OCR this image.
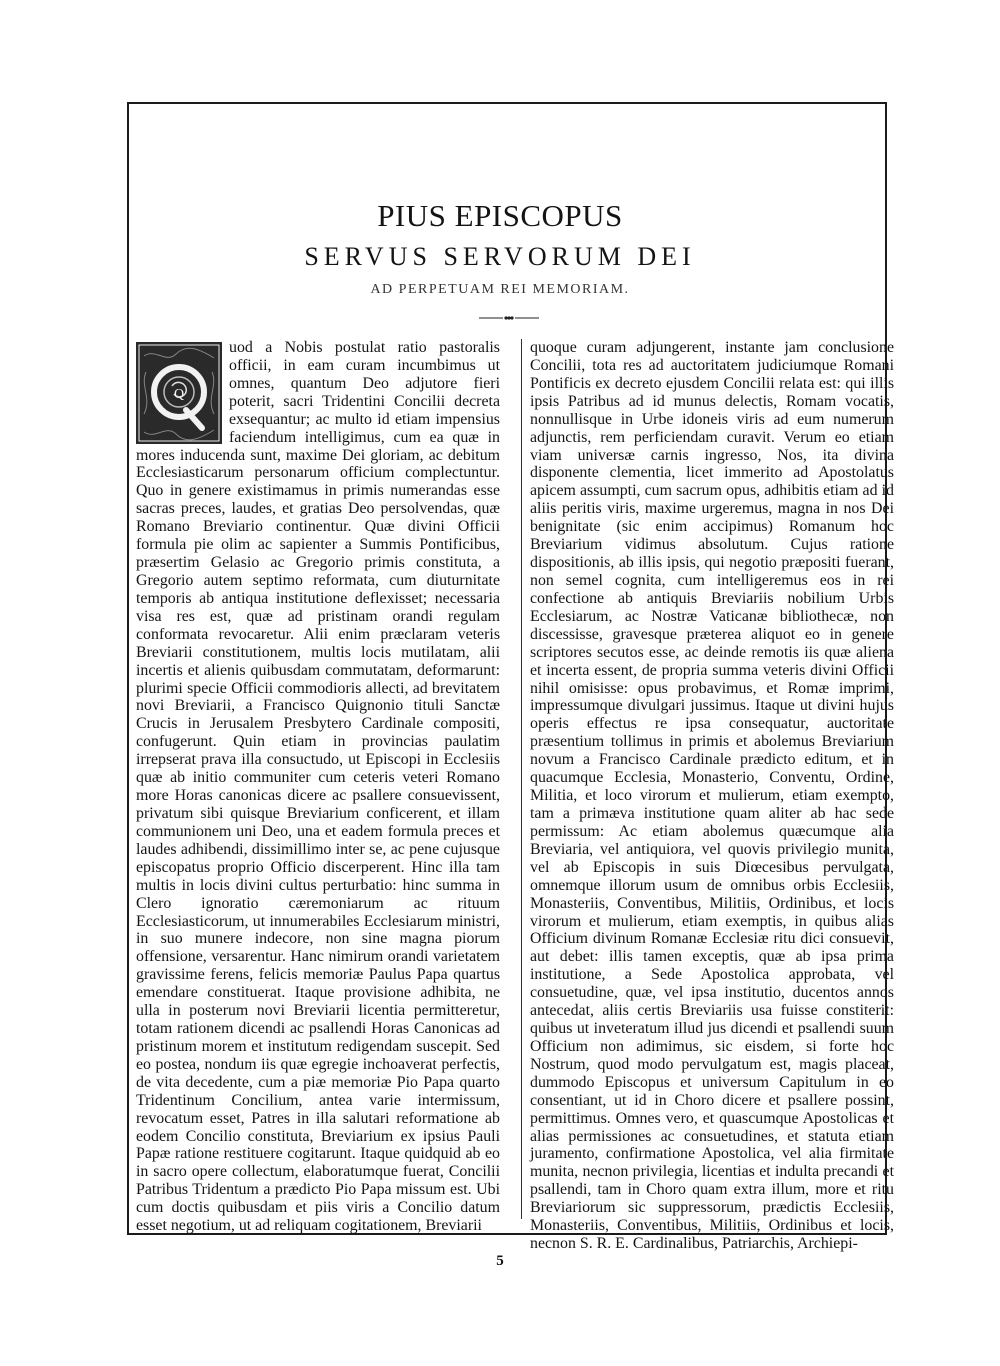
PIUS EPISCOPUS
SERVUS SERVORUM DEI
AD PERPETUAM REI MEMORIAM.
Q

uod a Nobis postulat ratio pastoralis officii, in eam curam incumbimus ut omnes, quantum Deo adjutore fieri poterit, sacri Tridentini Concilii decreta exsequantur; ac multo id etiam impensius faciendum intelligimus, cum ea quæ in mores inducenda sunt, maxime Dei gloriam, ac debitum Ecclesiasticarum personarum officium complectuntur. Quo in genere existimamus in primis numerandas esse sacras preces, laudes, et gratias Deo persolvendas, quæ Romano Breviario continentur. Quæ divini Officii formula pie olim ac sapienter a Summis Pontificibus, præsertim Gelasio ac Gregorio primis constituta, a Gregorio autem septimo reformata, cum diuturnitate temporis ab antiqua institutione deflexisset; necessaria visa res est, quæ ad pristinam orandi regulam conformata revocaretur. Alii enim præclaram veteris Breviarii constitutionem, multis locis mutilatam, alii incertis et alienis quibusdam commutatam, deformarunt: plurimi specie Officii commodioris allecti, ad brevitatem novi Breviarii, a Francisco Quignonio tituli Sanctæ Crucis in Jerusalem Presbytero Cardinale compositi, confugerunt. Quin etiam in provincias paulatim irrepserat prava illa consuctudo, ut Episcopi in Ecclesiis quæ ab initio communiter cum ceteris veteri Romano more Horas canonicas dicere ac psallere consuevissent, privatum sibi quisque Breviarium conficerent, et illam communionem uni Deo, una et eadem formula preces et laudes adhibendi, dissimillimo inter se, ac pene cujusque episcopatus proprio Officio discerperent. Hinc illa tam multis in locis divini cultus perturbatio: hinc summa in Clero ignoratio cæremoniarum ac rituum Ecclesiasticorum, ut innumerabiles Ecclesiarum ministri, in suo munere indecore, non sine magna piorum offensione, versarentur. Hanc nimirum orandi varietatem gravissime ferens, felicis memoriæ Paulus Papa quartus emendare constituerat. Itaque provisione adhibita, ne ulla in posterum novi Breviarii licentia permitteretur, totam rationem dicendi ac psallendi Horas Canonicas ad pristinum morem et institutum redigendam suscepit. Sed eo postea, nondum iis quæ egregie inchoaverat perfectis, de vita decedente, cum a piæ memoriæ Pio Papa quarto Tridentinum Concilium, antea varie intermissum, revocatum esset, Patres in illa salutari reformatione ab eodem Concilio constituta, Breviarium ex ipsius Pauli Papæ ratione restituere cogitarunt. Itaque quidquid ab eo in sacro opere collectum, elaboratumque fuerat, Concilii Patribus Tridentum a prædicto Pio Papa missum est. Ubi cum doctis quibusdam et piis viris a Concilio datum esset negotium, ut ad reliquam cogitationem, Breviarii

quoque curam adjungerent, instante jam conclusione Concilii, tota res ad auctoritatem judiciumque Romani Pontificis ex decreto ejusdem Concilii relata est: qui illis ipsis Patribus ad id munus delectis, Romam vocatis, nonnullisque in Urbe idoneis viris ad eum numerum adjunctis, rem perficiendam curavit. Verum eo etiam viam universæ carnis ingresso, Nos, ita divina disponente clementia, licet immerito ad Apostolatus apicem assumpti, cum sacrum opus, adhibitis etiam ad id aliis peritis viris, maxime urgeremus, magna in nos Dei benignitate (sic enim accipimus) Romanum hoc Breviarium vidimus absolutum. Cujus ratione dispositionis, ab illis ipsis, qui negotio præpositi fuerant, non semel cognita, cum intelligeremus eos in rei confectione ab antiquis Breviariis nobilium Urbis Ecclesiarum, ac Nostræ Vaticanæ bibliothecæ, non discessisse, gravesque præterea aliquot eo in genere scriptores secutos esse, ac deinde remotis iis quæ aliena et incerta essent, de propria summa veteris divini Officii nihil omisisse: opus probavimus, et Romæ imprimi, impressumque divulgari jussimus. Itaque ut divini hujus operis effectus re ipsa consequatur, auctoritate præsentium tollimus in primis et abolemus Breviarium novum a Francisco Cardinale prædicto editum, et in quacumque Ecclesia, Monasterio, Conventu, Ordine, Militia, et loco virorum et mulierum, etiam exempto, tam a primæva institutione quam aliter ab hac sede permissum: Ac etiam abolemus quæcumque alia Breviaria, vel antiquiora, vel quovis privilegio munita, vel ab Episcopis in suis Diœcesibus pervulgata, omnemque illorum usum de omnibus orbis Ecclesiis, Monasteriis, Conventibus, Militiis, Ordinibus, et locis virorum et mulierum, etiam exemptis, in quibus alias Officium divinum Romanæ Ecclesiæ ritu dici consuevit, aut debet: illis tamen exceptis, quæ ab ipsa prima institutione, a Sede Apostolica approbata, vel consuetudine, quæ, vel ipsa institutio, ducentos annos antecedat, aliis certis Breviariis usa fuisse constiterit: quibus ut inveteratum illud jus dicendi et psallendi suum Officium non adimimus, sic eisdem, si forte hoc Nostrum, quod modo pervulgatum est, magis placeat, dummodo Episcopus et universum Capitulum in eo consentiant, ut id in Choro dicere et psallere possint, permittimus. Omnes vero, et quascumque Apostolicas et alias permissiones ac consuetudines, et statuta etiam juramento, confirmatione Apostolica, vel alia firmitate munita, necnon privilegia, licentias et indulta precandi et psallendi, tam in Choro quam extra illum, more et ritu Breviariorum sic suppressorum, prædictis Ecclesiis, Monasteriis, Conventibus, Militiis, Ordinibus et locis, necnon S. R. E. Cardinalibus, Patriarchis, Archiepi-

5
